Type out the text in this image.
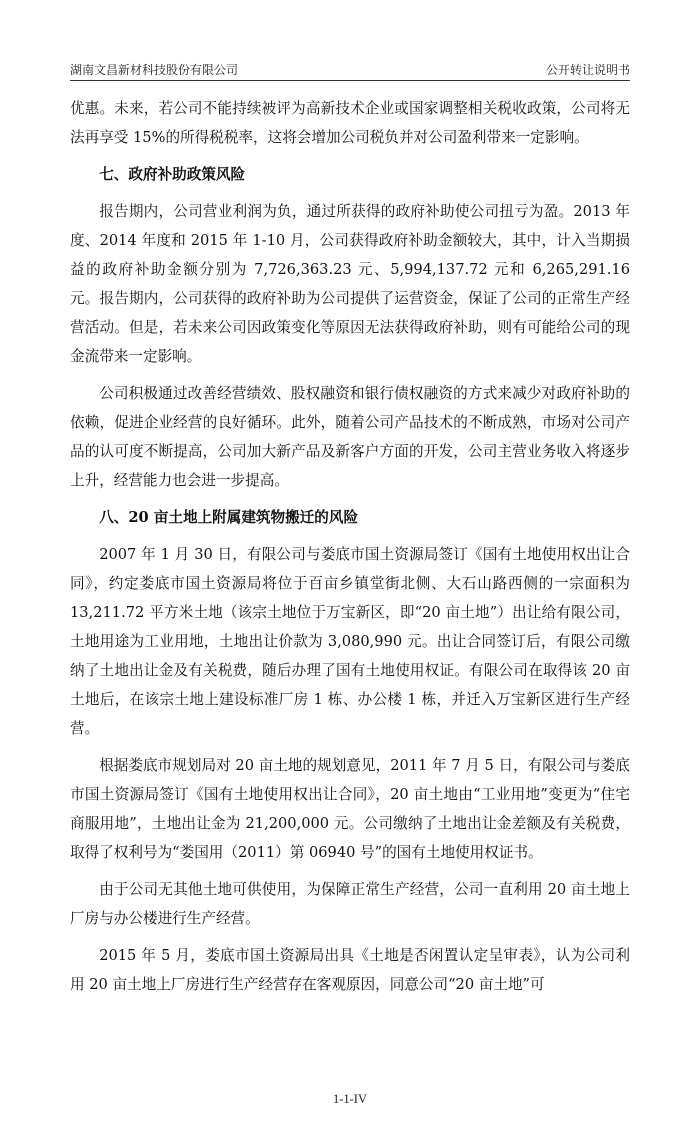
湖南文昌新材科技股份有限公司	公开转让说明书

优惠。未来，若公司不能持续被评为高新技术企业或国家调整相关税收政策，公司将无法再享受 15%的所得税税率，这将会增加公司税负并对公司盈利带来一定影响。

七、政府补助政策风险

报告期内，公司营业利润为负，通过所获得的政府补助使公司扭亏为盈。2013 年度、2014 年度和 2015 年 1-10 月，公司获得政府补助金额较大，其中，计入当期损益的政府补助金额分别为 7,726,363.23 元、5,994,137.72 元和 6,265,291.16 元。报告期内，公司获得的政府补助为公司提供了运营资金，保证了公司的正常生产经营活动。但是，若未来公司因政策变化等原因无法获得政府补助，则有可能给公司的现金流带来一定影响。

公司积极通过改善经营绩效、股权融资和银行债权融资的方式来减少对政府补助的依赖，促进企业经营的良好循环。此外，随着公司产品技术的不断成熟，市场对公司产品的认可度不断提高，公司加大新产品及新客户方面的开发，公司主营业务收入将逐步上升，经营能力也会进一步提高。

八、20 亩土地上附属建筑物搬迁的风险

2007 年 1 月 30 日，有限公司与娄底市国土资源局签订《国有土地使用权出让合同》，约定娄底市国土资源局将位于百亩乡镇堂街北侧、大石山路西侧的一宗面积为 13,211.72 平方米土地（该宗土地位于万宝新区，即“20 亩土地”）出让给有限公司，土地用途为工业用地，土地出让价款为 3,080,990 元。出让合同签订后，有限公司缴纳了土地出让金及有关税费，随后办理了国有土地使用权证。有限公司在取得该 20 亩土地后，在该宗土地上建设标准厂房 1 栋、办公楼 1 栋，并迁入万宝新区进行生产经营。

根据娄底市规划局对 20 亩土地的规划意见，2011 年 7 月 5 日，有限公司与娄底市国土资源局签订《国有土地使用权出让合同》，20 亩土地由“工业用地”变更为“住宅商服用地”，土地出让金为 21,200,000 元。公司缴纳了土地出让金差额及有关税费，取得了权利号为“娄国用（2011）第 06940 号”的国有土地使用权证书。

由于公司无其他土地可供使用，为保障正常生产经营，公司一直利用 20 亩土地上厂房与办公楼进行生产经营。

2015 年 5 月，娄底市国土资源局出具《土地是否闲置认定呈审表》，认为公司利用 20 亩土地上厂房进行生产经营存在客观原因，同意公司“20 亩土地”可

1-1-IV
